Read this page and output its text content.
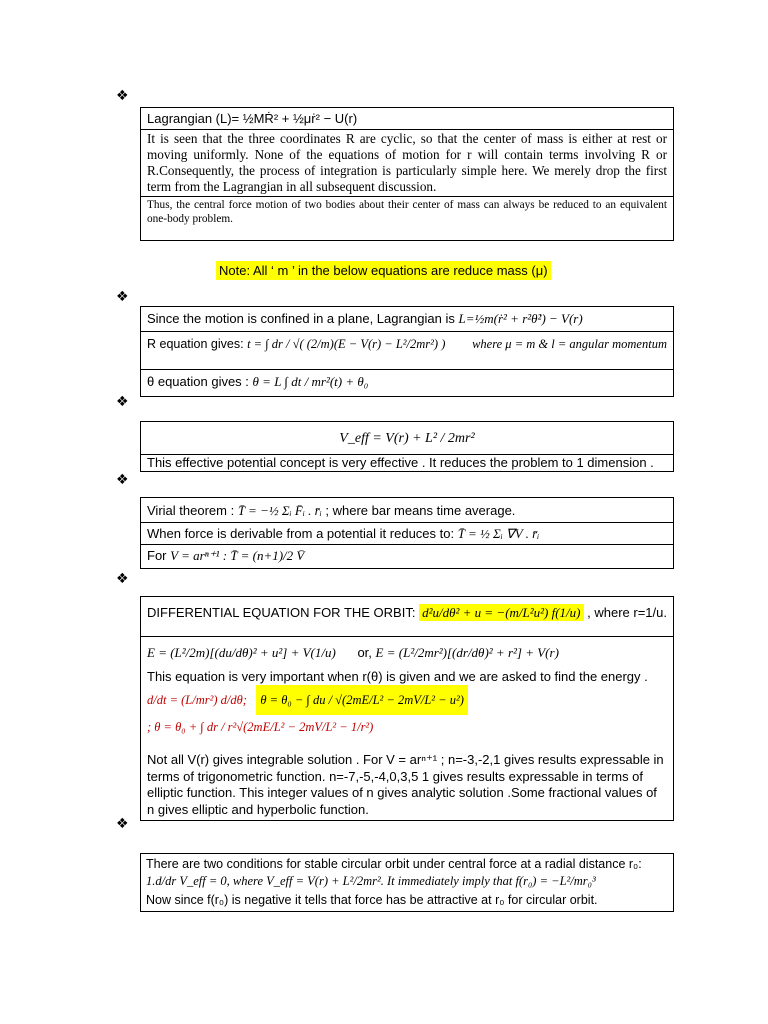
❖
Lagrangian (L)= ½MṘ² + ½μṙ² − U(r)
It is seen that the three coordinates R are cyclic, so that the center of mass is either at rest or moving uniformly. None of the equations of motion for r will contain terms involving R or R.Consequently, the process of integration is particularly simple here. We merely drop the first term from the Lagrangian in all subsequent discussion.
Thus, the central force motion of two bodies about their center of mass can always be reduced to an equivalent one-body problem.
Note: All ‘ m ’ in the below equations are reduce mass (μ)
❖
Since the motion is confined in a plane, Lagrangian is L=½m(ṙ² + r²θ̇²) − V(r)
R equation gives: t = ∫ dr / √( (2/m)(E − V(r) − L²/2mr²) ) where μ = m & l = angular momentum
θ equation gives : θ = L ∫ dt / mr²(t) + θ₀
❖
V_eff = V(r) + L² / 2mr²
This effective potential concept is very effective . It reduces the problem to 1 dimension .
❖
Virial theorem : T̄ = −½ Σᵢ F̄ᵢ . r̄ᵢ ; where bar means time average.
When force is derivable from a potential it reduces to: T̄ = ½ Σᵢ ∇V . r̄ᵢ
For V = arⁿ⁺¹ : T̄ = (n+1)/2 V̄
❖
DIFFERENTIAL EQUATION FOR THE ORBIT: d²u/dθ² + u = −(m/L²u²) f(1/u) , where r=1/u.
E = (L²/2m)[(du/dθ)² + u²] + V(1/u) or, E = (L²/2mr²)[(dr/dθ)² + r²] + V(r)
This equation is very important when r(θ) is given and we are asked to find the energy .
d/dt = (L/mr²) d/dθ; θ = θ₀ − ∫ du / √(2mE/L² − 2mV/L² − u²)
; θ = θ₀ + ∫ dr / r²√(2mE/L² − 2mV/L² − 1/r²)
Not all V(r) gives integrable solution . For V = arⁿ⁺¹ ; n=-3,-2,1 gives results expressable in terms of trigonometric function. n=-7,-5,-4,0,3,5 1 gives results expressable in terms of elliptic function. This integer values of n gives analytic solution .Some fractional values of n gives elliptic and hyperbolic function.
❖
There are two conditions for stable circular orbit under central force at a radial distance r₀:
1.d/dr V_eff = 0, where V_eff = V(r) + L²/2mr². It immediately imply that f(r₀) = −L²/mr₀³
Now since f(r₀) is negative it tells that force has be attractive at r₀ for circular orbit.
